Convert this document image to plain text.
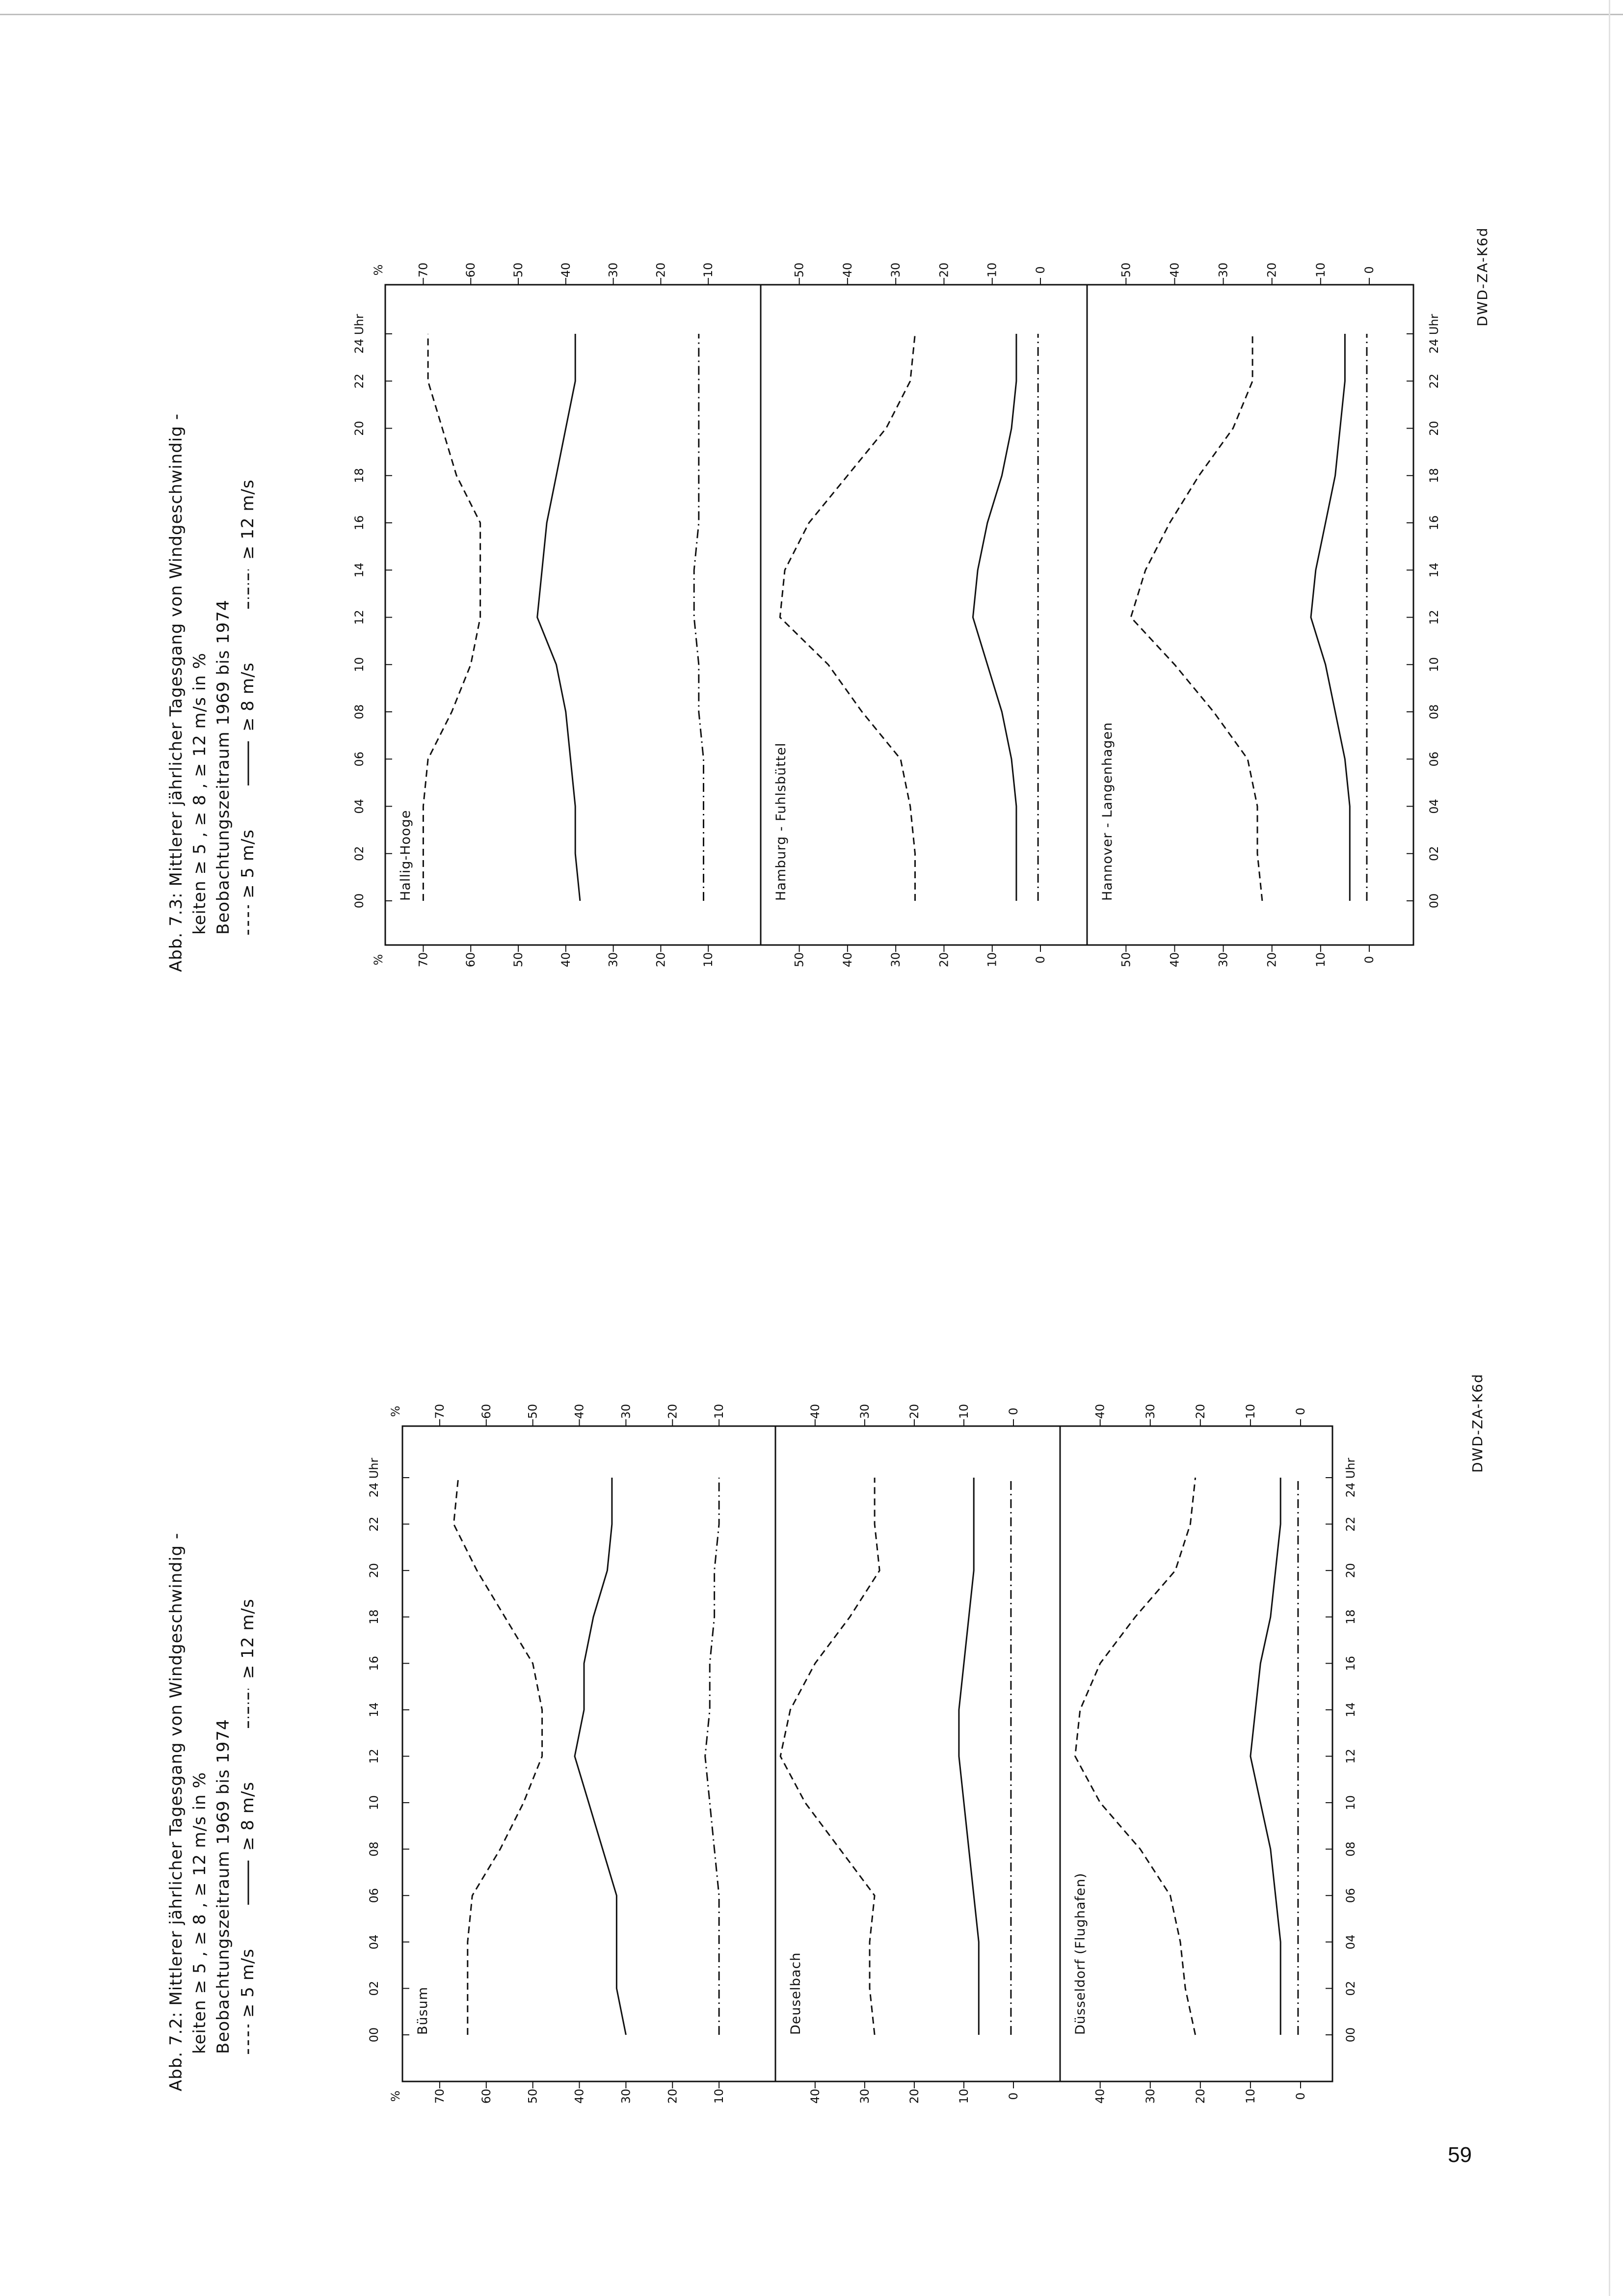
Abb. 7.2: Mittlerer jährlicher Tagesgang von Windgeschwindig - keiten ≥ 5 , ≥ 8 , ≥ 12 m/s in % Beobachtungszeitraum 1969 bis 1974 ≥ 5 m/s
≥ 8 m/s
≥ 12 m/s
Abb. 7.3: Mittlerer jährlicher Tagesgang von Windgeschwindig - keiten ≥ 5 , ≥ 8 , ≥ 12 m/s in % Beobachtungszeitraum 1969 bis 1974 ≥ 5 m/s
≥ 8 m/s
≥ 12 m/s
00	00
02	02
04	04
06	06
08	08
10	10
12	12
14	14
16	16
18	18
20	20
22	22
24 Uhr	24 Uhr
70
70
60
60
50
50
40
40
30
30
20
20
10
10
%
%
Büsum
40
40
30
30
20
20
10
10
0
0
Deuselbach
40
40
30
30
20
20
10
10
0
0
Düsseldorf (Flughafen)
00	00
02	02
04	04
06	06
08	08
10	10
12	12
14	14
16	16
18	18
20	20
22	22
24 Uhr	24 Uhr
70
70
60
60
50
50
40
40
30
30
20
20
10
10
%
%
Hallig-Hooge
50
50
40
40
30
30
20
20
10
10
0
0
Hamburg - Fuhlsbüttel
50
50
40
40
30
30
20
20
10
10
0
0
Hannover - Langenhagen
DWD-ZA-K6d
DWD-ZA-K6d
59
